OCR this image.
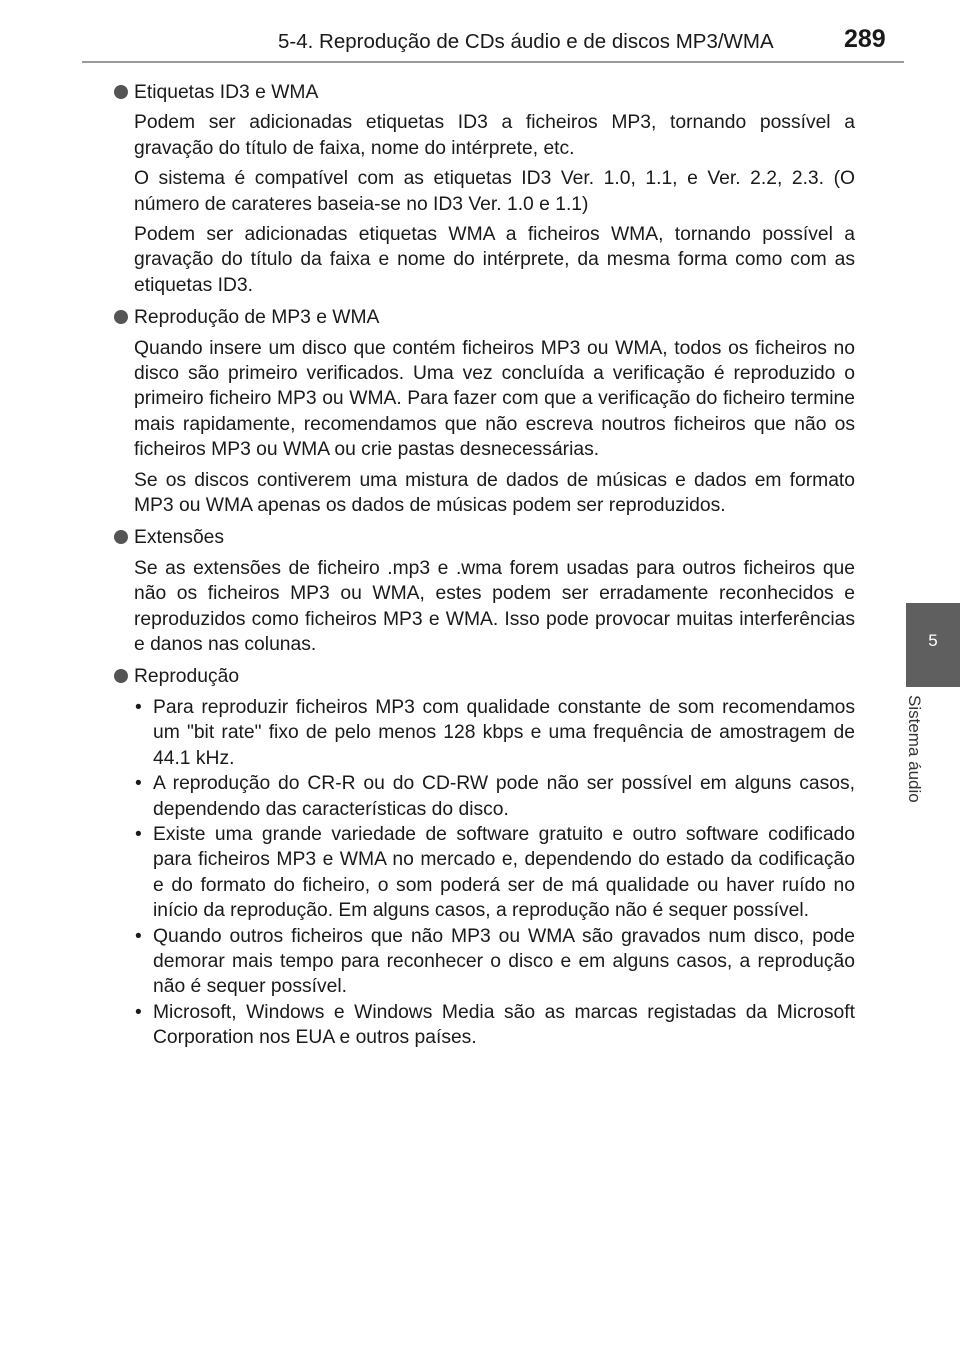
5-4. Reprodução de CDs áudio e de discos MP3/WMA	289
5
Sistema áudio
Etiquetas ID3 e WMA
Podem ser adicionadas etiquetas ID3 a ficheiros MP3, tornando possível a gravação do título de faixa, nome do intérprete, etc.
O sistema é compatível com as etiquetas ID3 Ver. 1.0, 1.1, e Ver. 2.2, 2.3. (O número de carateres baseia-se no ID3 Ver. 1.0 e 1.1)
Podem ser adicionadas etiquetas WMA a ficheiros WMA, tornando possível a gravação do título da faixa e nome do intérprete, da mesma forma como com as etiquetas ID3.
Reprodução de MP3 e WMA
Quando insere um disco que contém ficheiros MP3 ou WMA, todos os ficheiros no disco são primeiro verificados. Uma vez concluída a verificação é reproduzido o primeiro ficheiro MP3 ou WMA. Para fazer com que a verificação do ficheiro termine mais rapidamente, recomendamos que não escreva noutros ficheiros que não os ficheiros MP3 ou WMA ou crie pastas desnecessárias.
Se os discos contiverem uma mistura de dados de músicas e dados em formato MP3 ou WMA apenas os dados de músicas podem ser reproduzidos.
Extensões
Se as extensões de ficheiro .mp3 e .wma forem usadas para outros ficheiros que não os ficheiros MP3 ou WMA, estes podem ser erradamente reconhecidos e reproduzidos como ficheiros MP3 e WMA. Isso pode provocar muitas interferências e danos nas colunas.
Reprodução
• Para reproduzir ficheiros MP3 com qualidade constante de som recomendamos um "bit rate" fixo de pelo menos 128 kbps e uma frequência de amostragem de 44.1 kHz.
• A reprodução do CR-R ou do CD-RW pode não ser possível em alguns casos, dependendo das características do disco.
• Existe uma grande variedade de software gratuito e outro software codificado para ficheiros MP3 e WMA no mercado e, dependendo do estado da codificação e do formato do ficheiro, o som poderá ser de má qualidade ou haver ruído no início da reprodução. Em alguns casos, a reprodução não é sequer possível.
• Quando outros ficheiros que não MP3 ou WMA são gravados num disco, pode demorar mais tempo para reconhecer o disco e em alguns casos, a reprodução não é sequer possível.
• Microsoft, Windows e Windows Media são as marcas registadas da Microsoft Corporation nos EUA e outros países.
